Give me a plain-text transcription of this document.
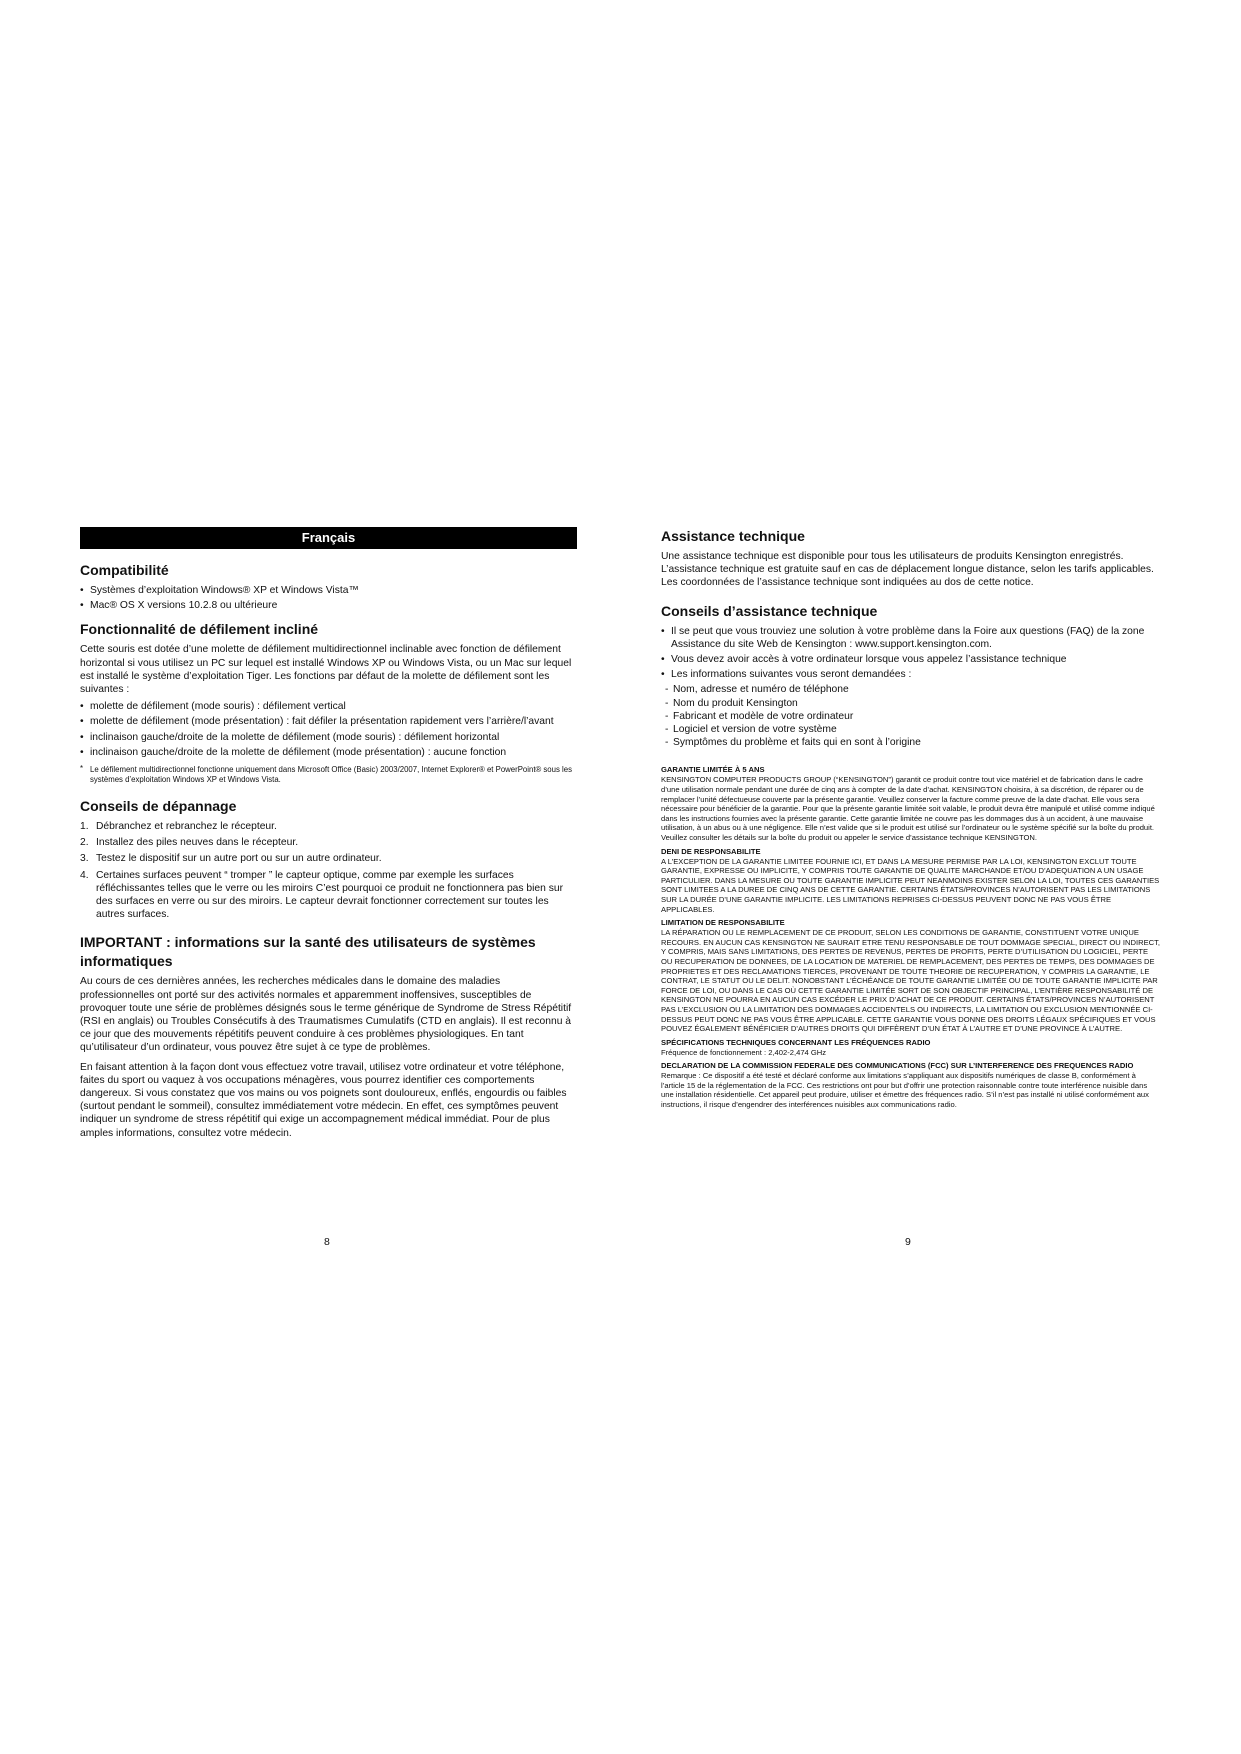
Français
Compatibilité
• Systèmes d’exploitation Windows® XP et Windows Vista™
• Mac® OS X versions 10.2.8 ou ultérieure
Fonctionnalité de défilement incliné

Cette souris est dotée d’une molette de défilement multidirectionnel inclinable avec fonction de défilement horizontal si vous utilisez un PC sur lequel est installé Windows XP ou Windows Vista, ou un Mac sur lequel est installé le système d’exploitation Tiger. Les fonctions par défaut de la molette de défilement sont les suivantes :

• molette de défilement (mode souris) : défilement vertical
• molette de défilement (mode présentation) : fait défiler la présentation rapidement vers l’arrière/l’avant
• inclinaison gauche/droite de la molette de défilement (mode souris) : défilement horizontal
• inclinaison gauche/droite de la molette de défilement (mode présentation) : aucune fonction
* Le défilement multidirectionnel fonctionne uniquement dans Microsoft Office (Basic) 2003/2007, Internet Explorer® et PowerPoint® sous les systèmes d’exploitation Windows XP et Windows Vista.
Conseils de dépannage
1. Débranchez et rebranchez le récepteur.
2. Installez des piles neuves dans le récepteur.
3. Testez le dispositif sur un autre port ou sur un autre ordinateur.
4. Certaines surfaces peuvent “ tromper ” le capteur optique, comme par exemple les surfaces réfléchissantes telles que le verre ou les miroirs C’est pourquoi ce produit ne fonctionnera pas bien sur des surfaces en verre ou sur des miroirs. Le capteur devrait fonctionner correctement sur toutes les autres surfaces.
IMPORTANT : informations sur la santé des utilisateurs de systèmes informatiques

Au cours de ces dernières années, les recherches médicales dans le domaine des maladies professionnelles ont porté sur des activités normales et apparemment inoffensives, susceptibles de provoquer toute une série de problèmes désignés sous le terme générique de Syndrome de Stress Répétitif (RSI en anglais) ou Troubles Consécutifs à des Traumatismes Cumulatifs (CTD en anglais). Il est reconnu à ce jour que des mouvements répétitifs peuvent conduire à ces problèmes physiologiques. En tant qu’utilisateur d’un ordinateur, vous pouvez être sujet à ce type de problèmes.

En faisant attention à la façon dont vous effectuez votre travail, utilisez votre ordinateur et votre téléphone, faites du sport ou vaquez à vos occupations ménagères, vous pourrez identifier ces comportements dangereux. Si vous constatez que vos mains ou vos poignets sont douloureux, enflés, engourdis ou faibles (surtout pendant le sommeil), consultez immédiatement votre médecin. En effet, ces symptômes peuvent indiquer un syndrome de stress répétitif qui exige un accompagnement médical immédiat. Pour de plus amples informations, consultez votre médecin.

Assistance technique

Une assistance technique est disponible pour tous les utilisateurs de produits Kensington enregistrés. L’assistance technique est gratuite sauf en cas de déplacement longue distance, selon les tarifs applicables. Les coordonnées de l’assistance technique sont indiquées au dos de cette notice.

Conseils d’assistance technique
• Il se peut que vous trouviez une solution à votre problème dans la Foire aux questions (FAQ) de la zone Assistance du site Web de Kensington : www.support.kensington.com.
• Vous devez avoir accès à votre ordinateur lorsque vous appelez l’assistance technique
• Les informations suivantes vous seront demandées :
- Nom, adresse et numéro de téléphone
- Nom du produit Kensington
- Fabricant et modèle de votre ordinateur
- Logiciel et version de votre système
- Symptômes du problème et faits qui en sont à l’origine
GARANTIE LIMITÉE À 5 ANS

KENSINGTON COMPUTER PRODUCTS GROUP (“KENSINGTON”) garantit ce produit contre tout vice matériel et de fabrication dans le cadre d’une utilisation normale pendant une durée de cinq ans à compter de la date d’achat. KENSINGTON choisira, à sa discrétion, de réparer ou de remplacer l’unité défectueuse couverte par la présente garantie. Veuillez conserver la facture comme preuve de la date d’achat. Elle vous sera nécessaire pour bénéficier de la garantie. Pour que la présente garantie limitée soit valable, le produit devra être manipulé et utilisé comme indiqué dans les instructions fournies avec la présente garantie. Cette garantie limitée ne couvre pas les dommages dus à un accident, à une mauvaise utilisation, à un abus ou à une négligence. Elle n’est valide que si le produit est utilisé sur l’ordinateur ou le système spécifié sur la boîte du produit. Veuillez consulter les détails sur la boîte du produit ou appeler le service d’assistance technique KENSINGTON.

DENI DE RESPONSABILITE

A L’EXCEPTION DE LA GARANTIE LIMITEE FOURNIE ICI, ET DANS LA MESURE PERMISE PAR LA LOI, KENSINGTON EXCLUT TOUTE GARANTIE, EXPRESSE OU IMPLICITE, Y COMPRIS TOUTE GARANTIE DE QUALITE MARCHANDE ET/OU D’ADEQUATION A UN USAGE PARTICULIER. DANS LA MESURE OU TOUTE GARANTIE IMPLICITE PEUT NEANMOINS EXISTER SELON LA LOI, TOUTES CES GARANTIES SONT LIMITEES A LA DUREE DE CINQ ANS DE CETTE GARANTIE. CERTAINS ÉTATS/PROVINCES N’AUTORISENT PAS LES LIMITATIONS SUR LA DURÉE D’UNE GARANTIE IMPLICITE. LES LIMITATIONS REPRISES CI-DESSUS PEUVENT DONC NE PAS VOUS ÊTRE APPLICABLES.

LIMITATION DE RESPONSABILITE

LA RÉPARATION OU LE REMPLACEMENT DE CE PRODUIT, SELON LES CONDITIONS DE GARANTIE, CONSTITUENT VOTRE UNIQUE RECOURS. EN AUCUN CAS KENSINGTON NE SAURAIT ETRE TENU RESPONSABLE DE TOUT DOMMAGE SPECIAL, DIRECT OU INDIRECT, Y COMPRIS, MAIS SANS LIMITATIONS, DES PERTES DE REVENUS, PERTES DE PROFITS, PERTE D’UTILISATION DU LOGICIEL, PERTE OU RECUPERATION DE DONNEES, DE LA LOCATION DE MATERIEL DE REMPLACEMENT, DES PERTES DE TEMPS, DES DOMMAGES DE PROPRIETES ET DES RECLAMATIONS TIERCES, PROVENANT DE TOUTE THEORIE DE RECUPERATION, Y COMPRIS LA GARANTIE, LE CONTRAT, LE STATUT OU LE DELIT. NONOBSTANT L’ÉCHÉANCE DE TOUTE GARANTIE LIMITÉE OU DE TOUTE GARANTIE IMPLICITE PAR FORCE DE LOI, OU DANS LE CAS OÙ CETTE GARANTIE LIMITÉE SORT DE SON OBJECTIF PRINCIPAL, L’ENTIÈRE RESPONSABILITÉ DE KENSINGTON NE POURRA EN AUCUN CAS EXCÉDER LE PRIX D’ACHAT DE CE PRODUIT. CERTAINS ÉTATS/PROVINCES N’AUTORISENT PAS L’EXCLUSION OU LA LIMITATION DES DOMMAGES ACCIDENTELS OU INDIRECTS, LA LIMITATION OU EXCLUSION MENTIONNÉE CI-DESSUS PEUT DONC NE PAS VOUS ÊTRE APPLICABLE. CETTE GARANTIE VOUS DONNE DES DROITS LÉGAUX SPÉCIFIQUES ET VOUS POUVEZ ÉGALEMENT BÉNÉFICIER D’AUTRES DROITS QUI DIFFÈRENT D’UN ÉTAT À L’AUTRE ET D’UNE PROVINCE À L’AUTRE.

SPÉCIFICATIONS TECHNIQUES CONCERNANT LES FRÉQUENCES RADIO

Fréquence de fonctionnement : 2,402-2,474 GHz

DECLARATION DE LA COMMISSION FEDERALE DES COMMUNICATIONS (FCC) SUR L’INTERFERENCE DES FREQUENCES RADIO

Remarque : Ce dispositif a été testé et déclaré conforme aux limitations s’appliquant aux dispositifs numériques de classe B, conformément à l’article 15 de la réglementation de la FCC. Ces restrictions ont pour but d’offrir une protection raisonnable contre toute interférence nuisible dans une installation résidentielle. Cet appareil peut produire, utiliser et émettre des fréquences radio. S’il n’est pas installé ni utilisé conformément aux instructions, il risque d’engendrer des interférences nuisibles aux communications radio.

8	9
